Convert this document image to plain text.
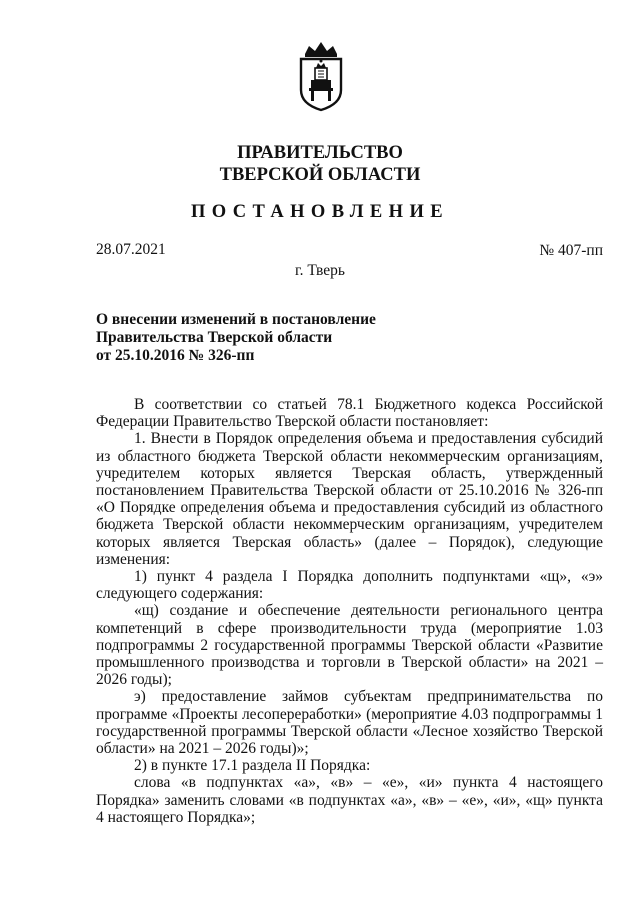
ПРАВИТЕЛЬСТВО
ТВЕРСКОЙ ОБЛАСТИ
ПОСТАНОВЛЕНИЕ
28.07.2021	№ 407-пп
г. Тверь
О внесении изменений в постановление
Правительства Тверской области
от 25.10.2016 № 326-пп

В соответствии со статьей 78.1 Бюджетного кодекса Российской Федерации Правительство Тверской области постановляет:

1. Внести в Порядок определения объема и предоставления субсидий из областного бюджета Тверской области некоммерческим организациям, учредителем которых является Тверская область, утвержденный постановлением Правительства Тверской области от 25.10.2016 № 326-пп «О Порядке определения объема и предоставления субсидий из областного бюджета Тверской области некоммерческим организациям, учредителем которых является Тверская область» (далее – Порядок), следующие изменения:

1) пункт 4 раздела I Порядка дополнить подпунктами «щ», «э» следующего содержания:

«щ) создание и обеспечение деятельности регионального центра компетенций в сфере производительности труда (мероприятие 1.03 подпрограммы 2 государственной программы Тверской области «Развитие промышленного производства и торговли в Тверской области» на 2021 – 2026 годы);

э) предоставление займов субъектам предпринимательства по программе «Проекты лесопереработки» (мероприятие 4.03 подпрограммы 1 государственной программы Тверской области «Лесное хозяйство Тверской области» на 2021 – 2026 годы)»;

2) в пункте 17.1 раздела II Порядка:

слова «в подпунктах «а», «в» – «е», «и» пункта 4 настоящего Порядка» заменить словами «в подпунктах «а», «в» – «е», «и», «щ» пункта 4 настоящего Порядка»;
